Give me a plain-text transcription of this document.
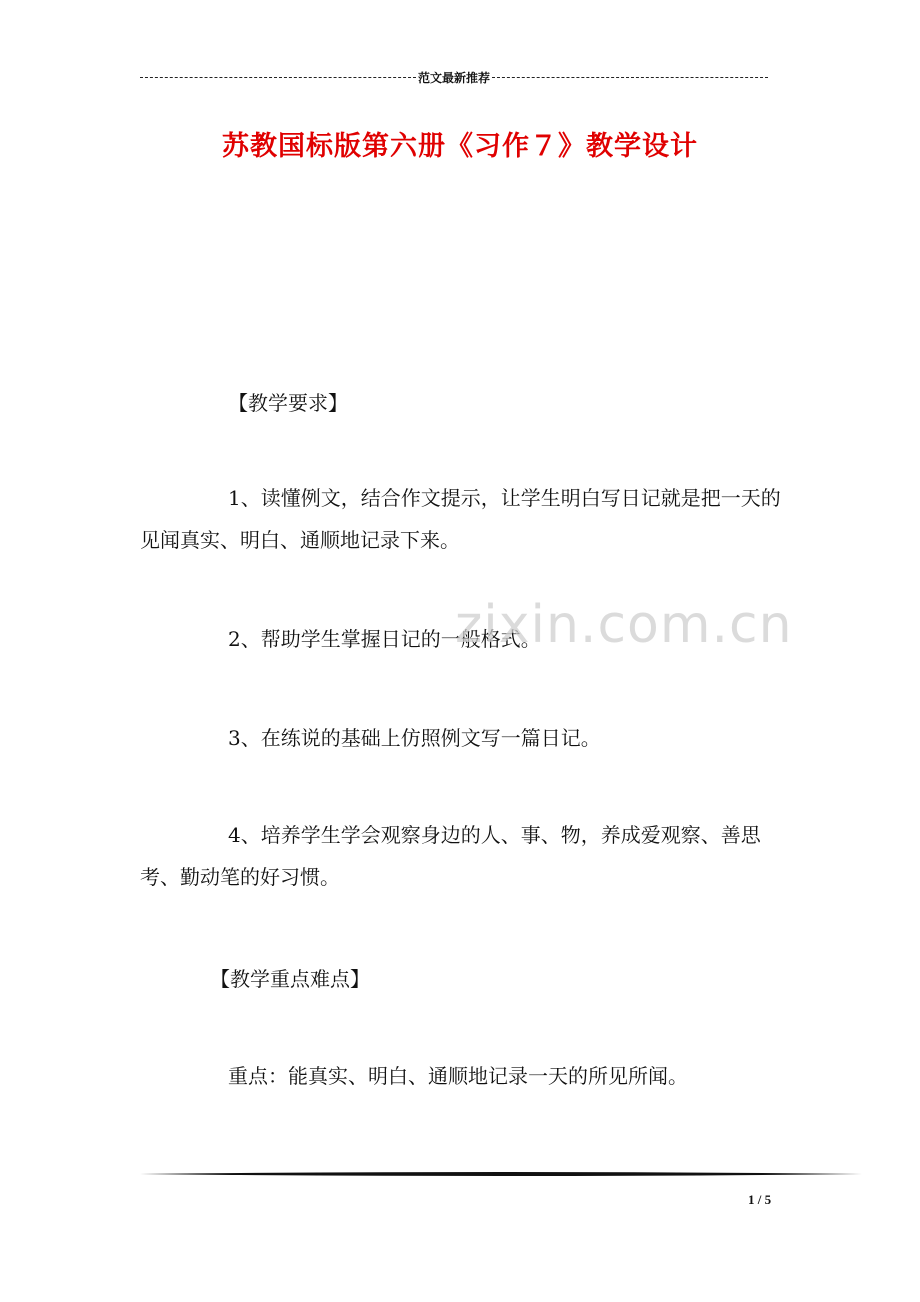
范文最新推荐
苏教国标版第六册《习作７》教学设计

【教学要求】

1、读懂例文，结合作文提示，让学生明白写日记就是把一天的见闻真实、明白、通顺地记录下来。

2、帮助学生掌握日记的一般格式。

3、在练说的基础上仿照例文写一篇日记。

4、培养学生学会观察身边的人、事、物，养成爱观察、善思考、勤动笔的好习惯。

【教学重点难点】

重点：能真实、明白、通顺地记录一天的所见所闻。

zixin.com.cn
1 / 5
